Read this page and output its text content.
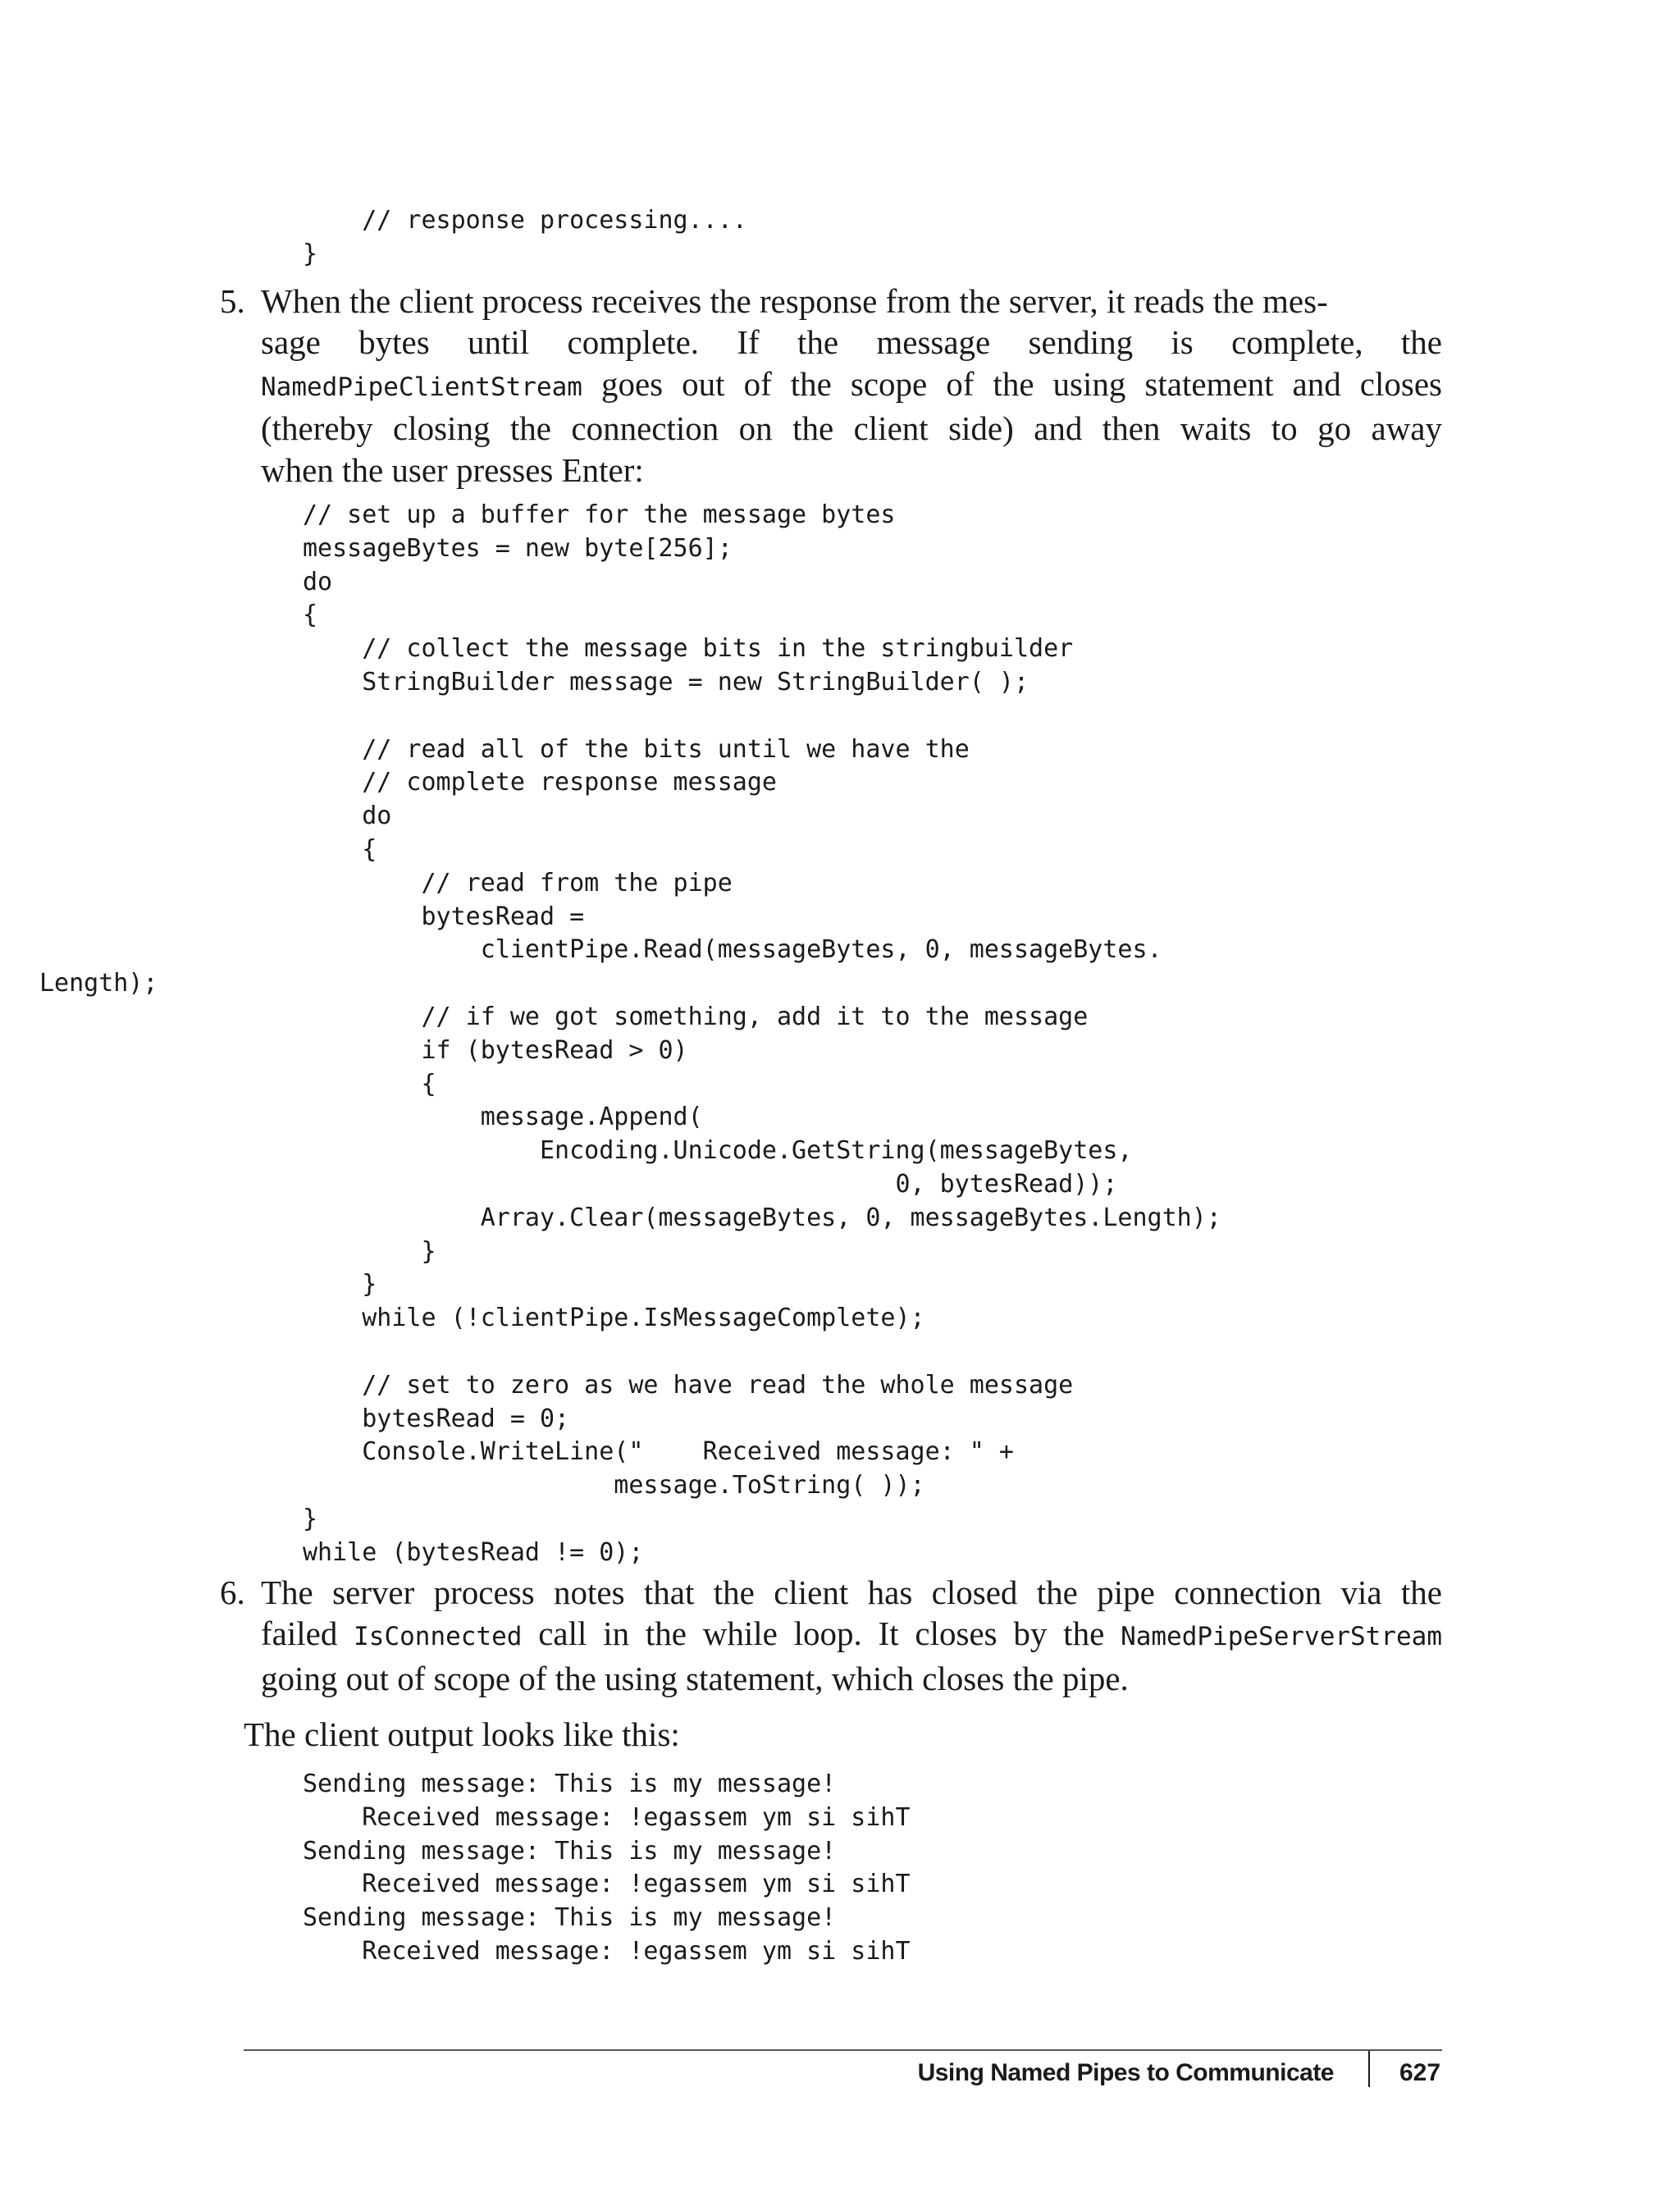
// response processing....
}
5. When the client process receives the response from the server, it reads the mes-
sage bytes until complete. If the message sending is complete, the
NamedPipeClientStream goes out of the scope of the using statement and closes
(thereby closing the connection on the client side) and then waits to go away
when the user presses Enter:
// set up a buffer for the message bytes
messageBytes = new byte[256];
do
{
// collect the message bits in the stringbuilder
StringBuilder message = new StringBuilder( );

// read all of the bits until we have the
// complete response message
do
{
// read from the pipe
bytesRead =
clientPipe.Read(messageBytes, 0, messageBytes.
Length);
// if we got something, add it to the message
if (bytesRead > 0)
{
message.Append(
Encoding.Unicode.GetString(messageBytes,
0, bytesRead));
Array.Clear(messageBytes, 0, messageBytes.Length);
}
}
while (!clientPipe.IsMessageComplete);

// set to zero as we have read the whole message
bytesRead = 0;
Console.WriteLine("    Received message: " +
message.ToString( ));
}
while (bytesRead != 0);
6. The server process notes that the client has closed the pipe connection via the
failed IsConnected call in the while loop. It closes by the NamedPipeServerStream
going out of scope of the using statement, which closes the pipe.
The client output looks like this:
Sending message: This is my message!
Received message: !egassem ym si sihT
Sending message: This is my message!
Received message: !egassem ym si sihT
Sending message: This is my message!
Received message: !egassem ym si sihT
Using Named Pipes to Communicate	627
